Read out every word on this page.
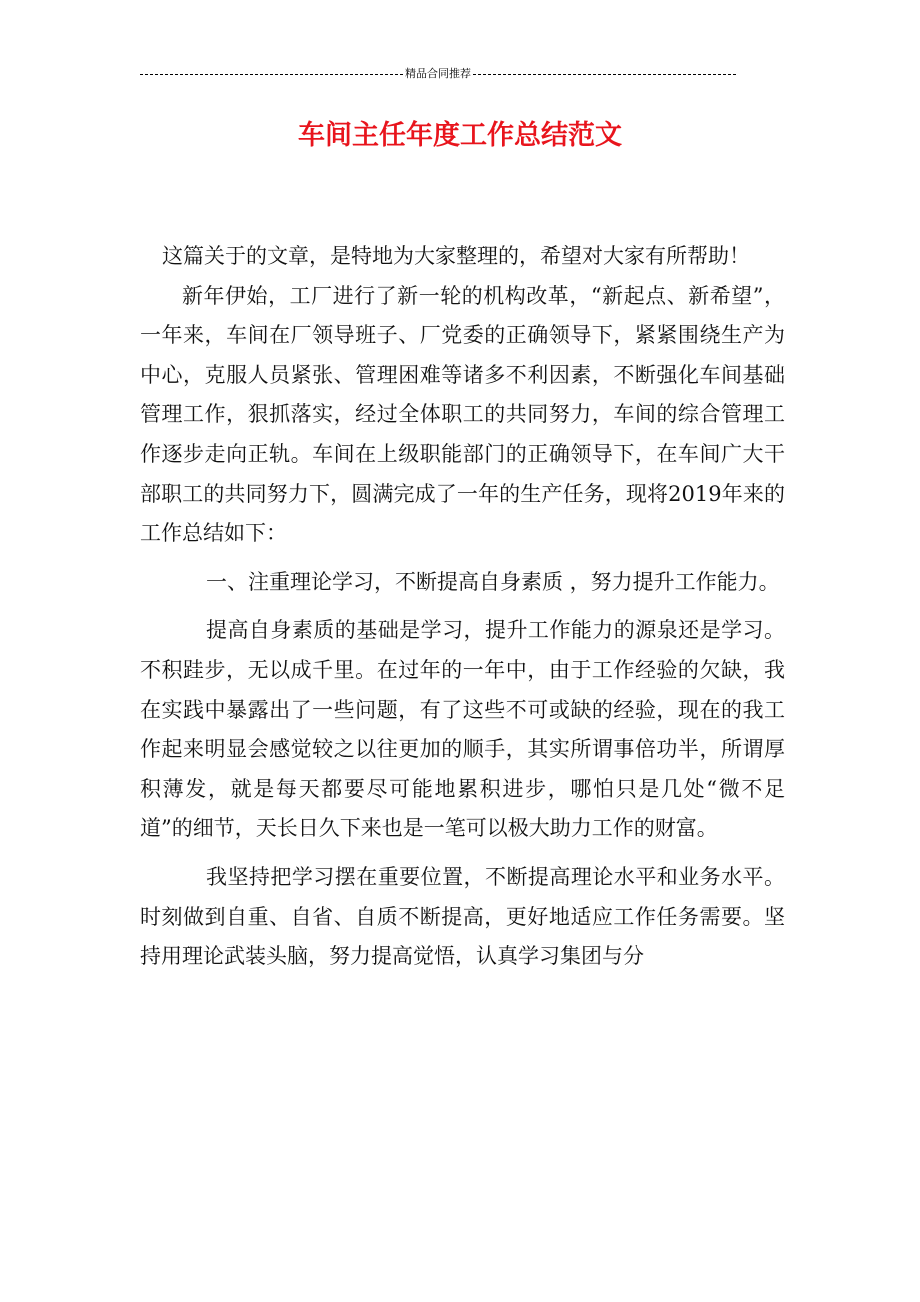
精品合同推荐
车间主任年度工作总结范文

这篇关于的文章，是特地为大家整理的，希望对大家有所帮助！

新年伊始，工厂进行了新一轮的机构改革，“新起点、新希望”，一年来，车间在厂领导班子、厂党委的正确领导下，紧紧围绕生产为中心，克服人员紧张、管理困难等诸多不利因素，不断强化车间基础管理工作，狠抓落实，经过全体职工的共同努力，车间的综合管理工作逐步走向正轨。车间在上级职能部门的正确领导下，在车间广大干部职工的共同努力下，圆满完成了一年的生产任务，现将2019年来的工作总结如下：

一、注重理论学习，不断提高自身素质 ，努力提升工作能力。

提高自身素质的基础是学习，提升工作能力的源泉还是学习。不积跬步，无以成千里。在过年的一年中，由于工作经验的欠缺，我在实践中暴露出了一些问题，有了这些不可或缺的经验，现在的我工作起来明显会感觉较之以往更加的顺手，其实所谓事倍功半，所谓厚积薄发，就是每天都要尽可能地累积进步，哪怕只是几处“微不足道”的细节，天长日久下来也是一笔可以极大助力工作的财富。

我坚持把学习摆在重要位置，不断提高理论水平和业务水平。时刻做到自重、自省、自质不断提高，更好地适应工作任务需要。坚持用理论武装头脑，努力提高觉悟，认真学习集团与分
